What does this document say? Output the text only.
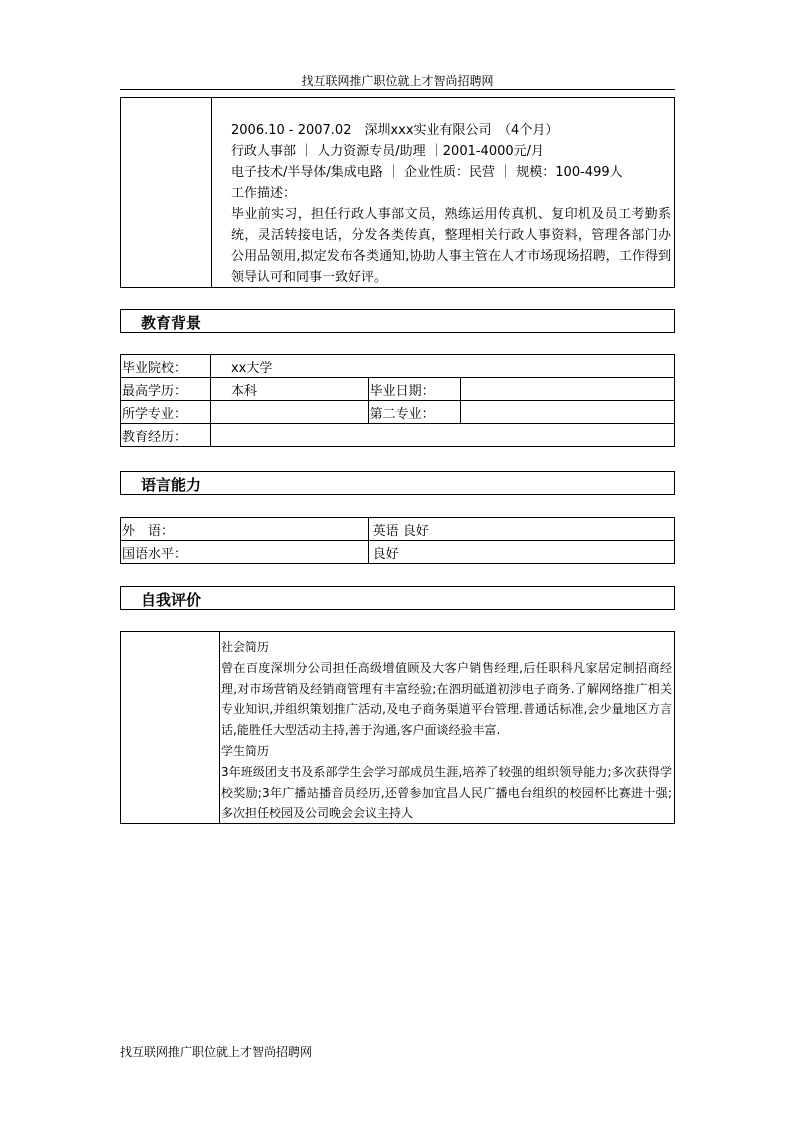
找互联网推广职位就上才智尚招聘网
2006.10 - 2007.02　深圳xxx实业有限公司　（4个月）
行政人事部 ｜ 人力资源专员/助理 ｜2001-4000元/月
电子技术/半导体/集成电路 ｜ 企业性质：民营 ｜ 规模：100-499人
工作描述：
毕业前实习，担任行政人事部文员，熟练运用传真机、复印机及员工考勤系统，灵活转接电话，分发各类传真，整理相关行政人事资料，管理各部门办公用品领用,拟定发布各类通知,协助人事主管在人才市场现场招聘，工作得到领导认可和同事一致好评。
教育背景
毕业院校：	xx大学		
最高学历：	本科	毕业日期：	
所学专业：		第二专业：	
教育经历：			
语言能力
外　语：	英语 良好
国语水平：	良好
自我评价
社会简历
曾在百度深圳分公司担任高级增值顾及大客户销售经理,后任职科凡家居定制招商经理,对市场营销及经销商管理有丰富经验;在泗玥砥道初涉电子商务.了解网络推广相关专业知识,并组织策划推广活动,及电子商务渠道平台管理.普通话标准,会少量地区方言话,能胜任大型活动主持,善于沟通,客户面谈经验丰富.
学生简历
3年班级团支书及系部学生会学习部成员生涯,培养了较强的组织领导能力;多次获得学校奖励;3年广播站播音员经历,还曾参加宜昌人民广播电台组织的校园杯比赛进十强;多次担任校园及公司晚会会议主持人
找互联网推广职位就上才智尚招聘网
